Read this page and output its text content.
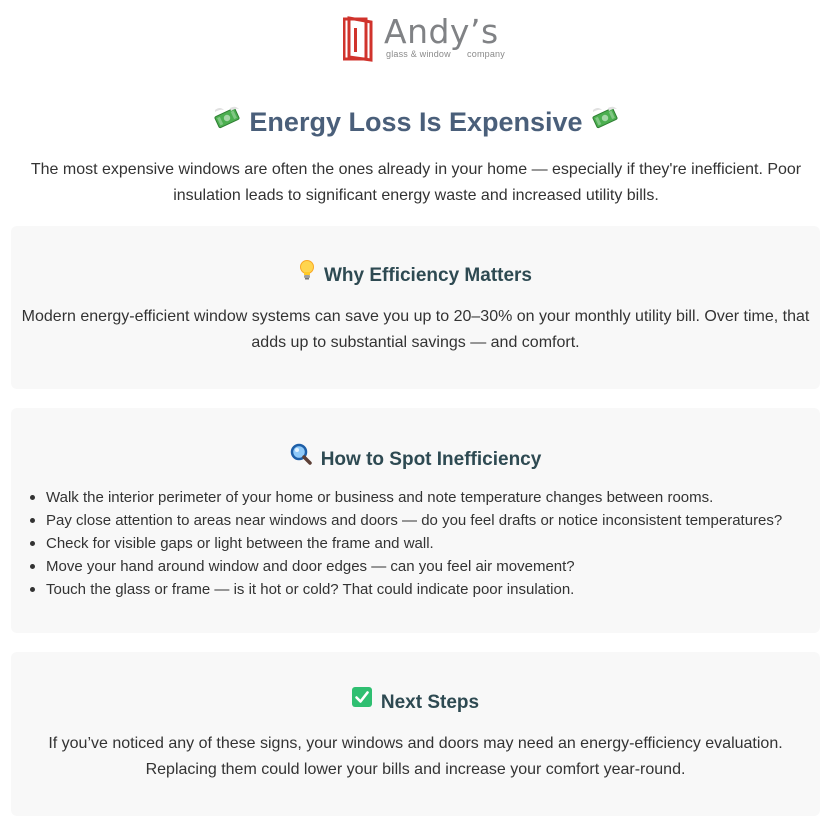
Andy’s
glass & window company
Energy Loss Is Expensive

The most expensive windows are often the ones already in your home — especially if they're inefficient. Poor insulation leads to significant energy waste and increased utility bills.

Why Efficiency Matters

Modern energy-efficient window systems can save you up to 20–30% on your monthly utility bill. Over time, that adds up to substantial savings — and comfort.

How to Spot Inefficiency
Walk the interior perimeter of your home or business and note temperature changes between rooms.
Pay close attention to areas near windows and doors — do you feel drafts or notice inconsistent temperatures?
Check for visible gaps or light between the frame and wall.
Move your hand around window and door edges — can you feel air movement?
Touch the glass or frame — is it hot or cold? That could indicate poor insulation.
Next Steps

If you’ve noticed any of these signs, your windows and doors may need an energy-efficiency evaluation. Replacing them could lower your bills and increase your comfort year-round.
